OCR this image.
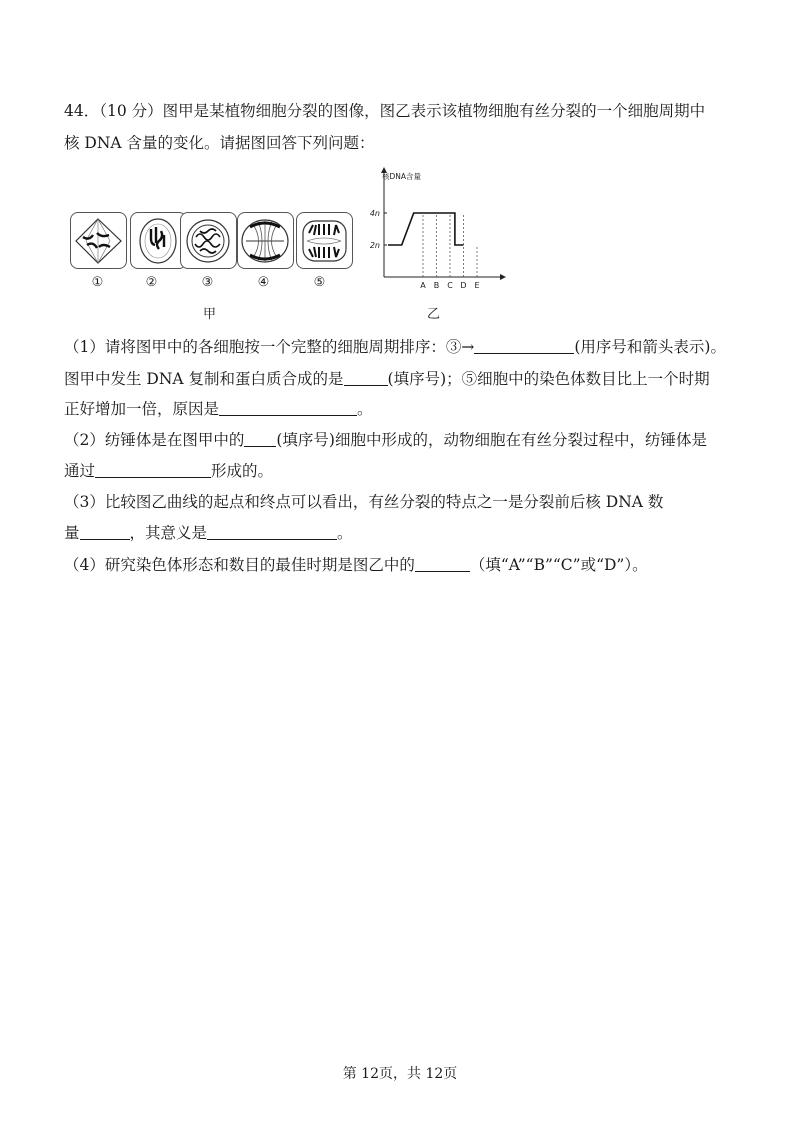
44．（10 分）图甲是某植物细胞分裂的图像，图乙表示该植物细胞有丝分裂的一个细胞周期中
核 DNA 含量的变化。请据图回答下列问题：
①	②	③	④	⑤
甲
核DNA含量
2n
4n
A B C D E
乙
（1）请将图甲中的各细胞按一个完整的细胞周期排序：③→	(用序号和箭头表示)。
图甲中发生 DNA 复制和蛋白质合成的是	(填序号)；⑤细胞中的染色体数目比上一个时期
正好增加一倍，原因是	。
（2）纺锤体是在图甲中的 (填序号)细胞中形成的，动物细胞在有丝分裂过程中，纺锤体是
通过	形成的。
（3）比较图乙曲线的起点和终点可以看出，有丝分裂的特点之一是分裂前后核 DNA 数
量	，其意义是	。
（4）研究染色体形态和数目的最佳时期是图乙中的	（填“A”“B”“C”或“D”）。
第 12页，共 12页
